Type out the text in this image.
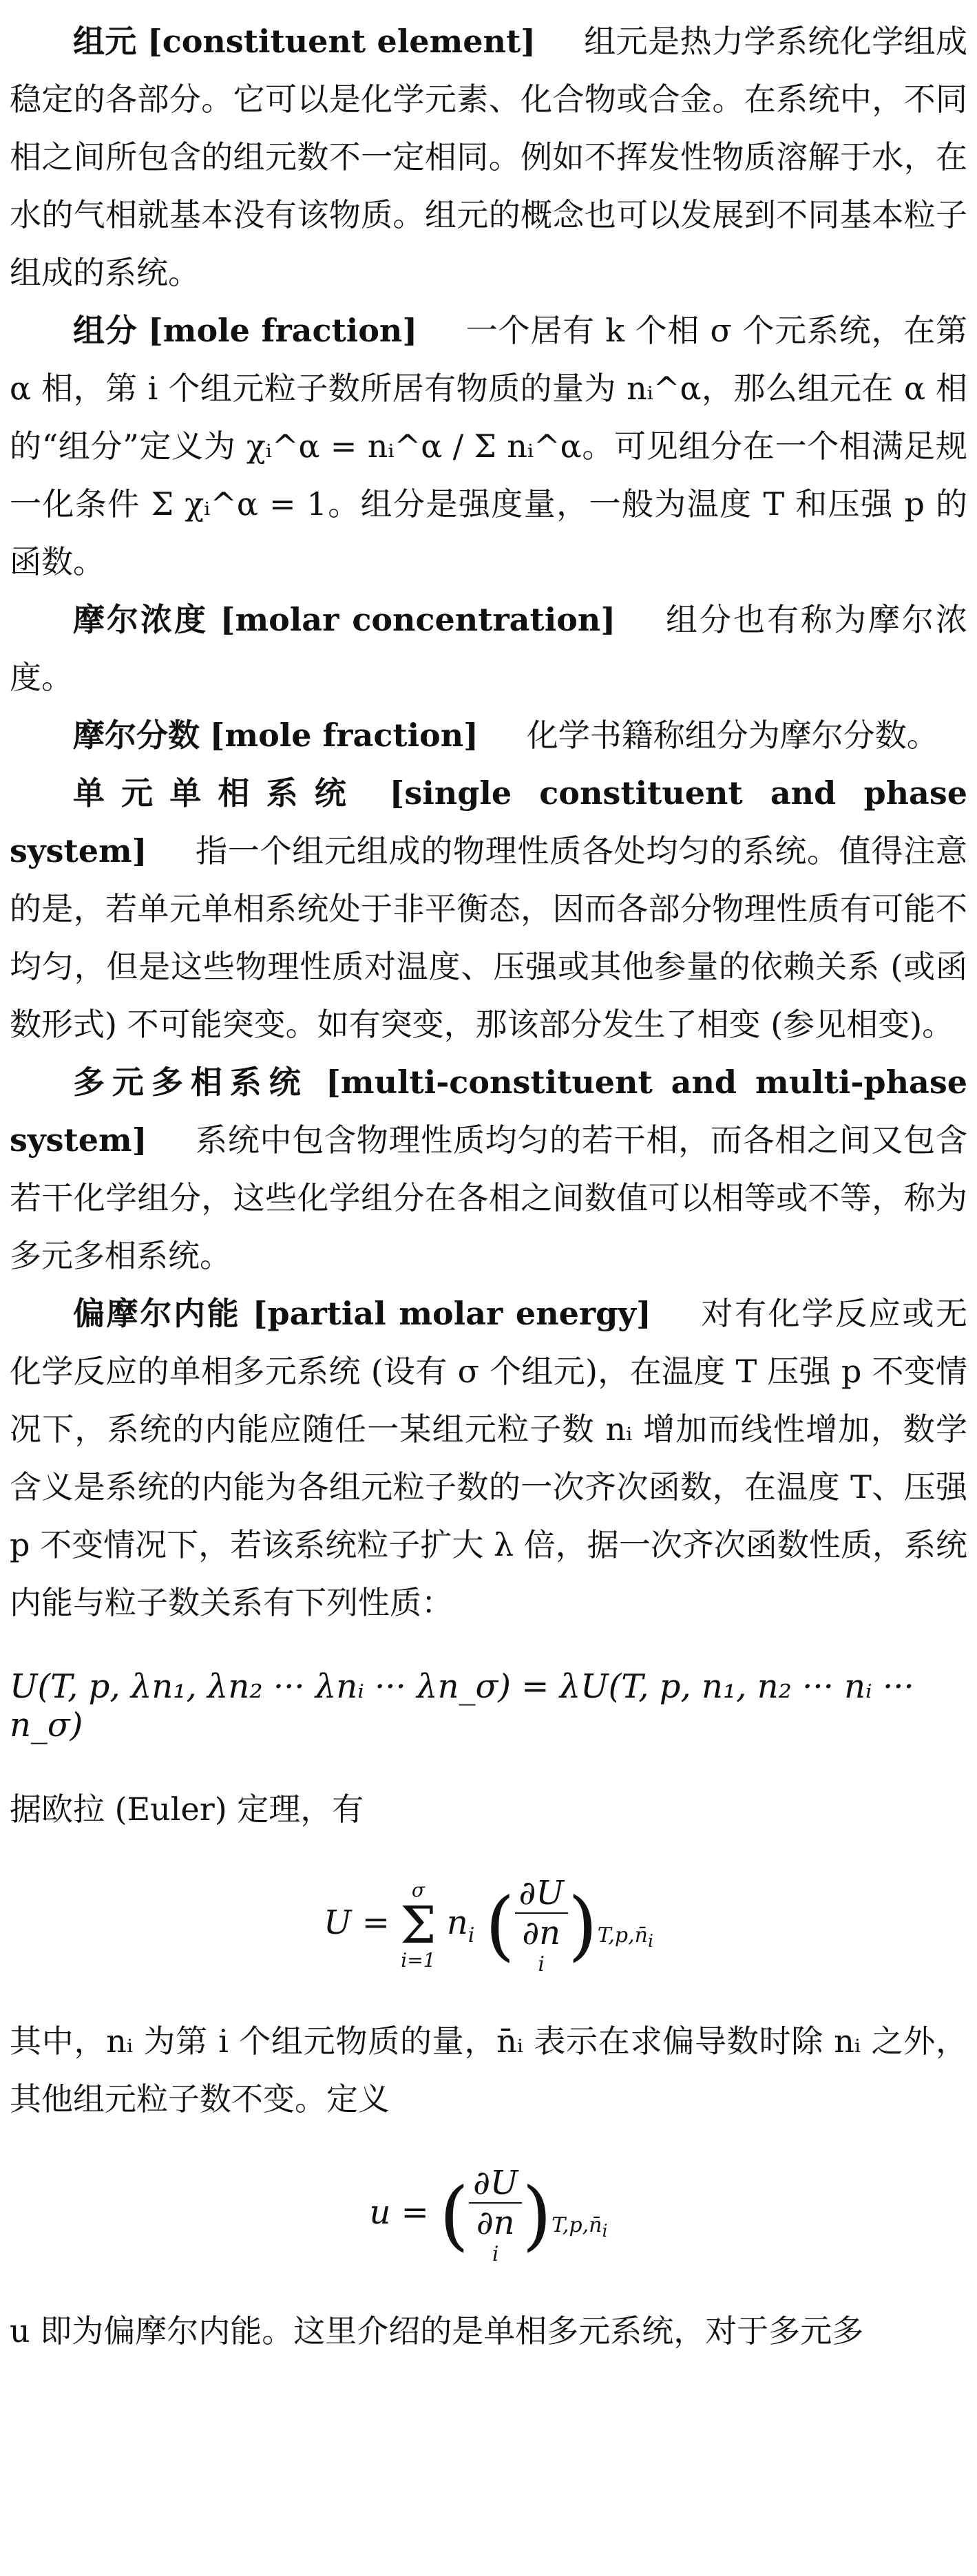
组元 [constituent element] 组元是热力学系统化学组成稳定的各部分。它可以是化学元素、化合物或合金。在系统中，不同相之间所包含的组元数不一定相同。例如不挥发性物质溶解于水，在水的气相就基本没有该物质。组元的概念也可以发展到不同基本粒子组成的系统。

组分 [mole fraction] 一个居有 k 个相 σ 个元系统，在第 α 相，第 i 个组元粒子数所居有物质的量为 nᵢ^α，那么组元在 α 相的“组分”定义为 χᵢ^α = nᵢ^α ∕ Σ nᵢ^α。可见组分在一个相满足规一化条件 Σ χᵢ^α = 1。组分是强度量，一般为温度 T 和压强 p 的函数。

摩尔浓度 [molar concentration] 组分也有称为摩尔浓度。

摩尔分数 [mole fraction] 化学书籍称组分为摩尔分数。

单元单相系统 [single constituent and phase system] 指一个组元组成的物理性质各处均匀的系统。值得注意的是，若单元单相系统处于非平衡态，因而各部分物理性质有可能不均匀，但是这些物理性质对温度、压强或其他参量的依赖关系 (或函数形式) 不可能突变。如有突变，那该部分发生了相变 (参见相变)。

多元多相系统 [multi-constituent and multi-phase system] 系统中包含物理性质均匀的若干相，而各相之间又包含若干化学组分，这些化学组分在各相之间数值可以相等或不等，称为多元多相系统。

偏摩尔内能 [partial molar energy] 对有化学反应或无化学反应的单相多元系统 (设有 σ 个组元)，在温度 T 压强 p 不变情况下，系统的内能应随任一某组元粒子数 nᵢ 增加而线性增加，数学含义是系统的内能为各组元粒子数的一次齐次函数，在温度 T、压强 p 不变情况下，若该系统粒子扩大 λ 倍，据一次齐次函数性质，系统内能与粒子数关系有下列性质：

U(T, p, λn₁, λn₂ ··· λnᵢ ··· λn_σ) = λU(T, p, n₁, n₂ ··· nᵢ ··· n_σ)

据欧拉 (Euler) 定理，有

U =
σ
Σ
i=1
$n_i$ ( ∂U
∂n
i )$_{T,p,n̄_i}$

其中，nᵢ 为第 i 个组元物质的量，n̄ᵢ 表示在求偏导数时除 nᵢ 之外，其他组元粒子数不变。定义

u = ( ∂U
∂n
i )$_{T,p,n̄_i}$

u 即为偏摩尔内能。这里介绍的是单相多元系统，对于多元多
